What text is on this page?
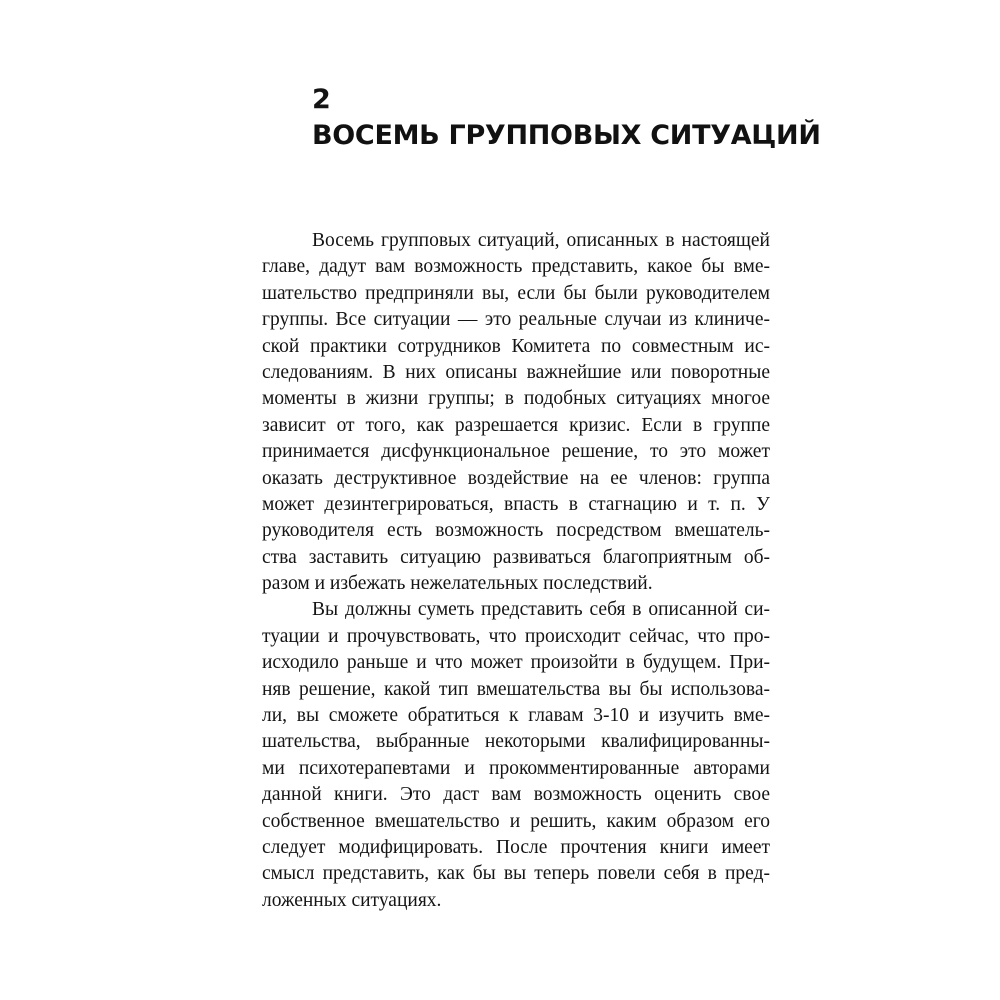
2
ВОСЕМЬ ГРУППОВЫХ СИТУАЦИЙ
Восемь групповых ситуаций, описанных в настоящей
главе, дадут вам возможность представить, какое бы вме-
шательство предприняли вы, если бы были руководителем
группы. Все ситуации — это реальные случаи из клиниче-
ской практики сотрудников Комитета по совместным ис-
следованиям. В них описаны важнейшие или поворотные
моменты в жизни группы; в подобных ситуациях многое
зависит от того, как разрешается кризис. Если в группе
принимается дисфункциональное решение, то это может
оказать деструктивное воздействие на ее членов: группа
может дезинтегрироваться, впасть в стагнацию и т. п. У
руководителя есть возможность посредством вмешатель-
ства заставить ситуацию развиваться благоприятным об-
разом и избежать нежелательных последствий.
Вы должны суметь представить себя в описанной си-
туации и прочувствовать, что происходит сейчас, что про-
исходило раньше и что может произойти в будущем. При-
няв решение, какой тип вмешательства вы бы использова-
ли, вы сможете обратиться к главам 3-10 и изучить вме-
шательства, выбранные некоторыми квалифицированны-
ми психотерапевтами и прокомментированные авторами
данной книги. Это даст вам возможность оценить свое
собственное вмешательство и решить, каким образом его
следует модифицировать. После прочтения книги имеет
смысл представить, как бы вы теперь повели себя в пред-
ложенных ситуациях.
